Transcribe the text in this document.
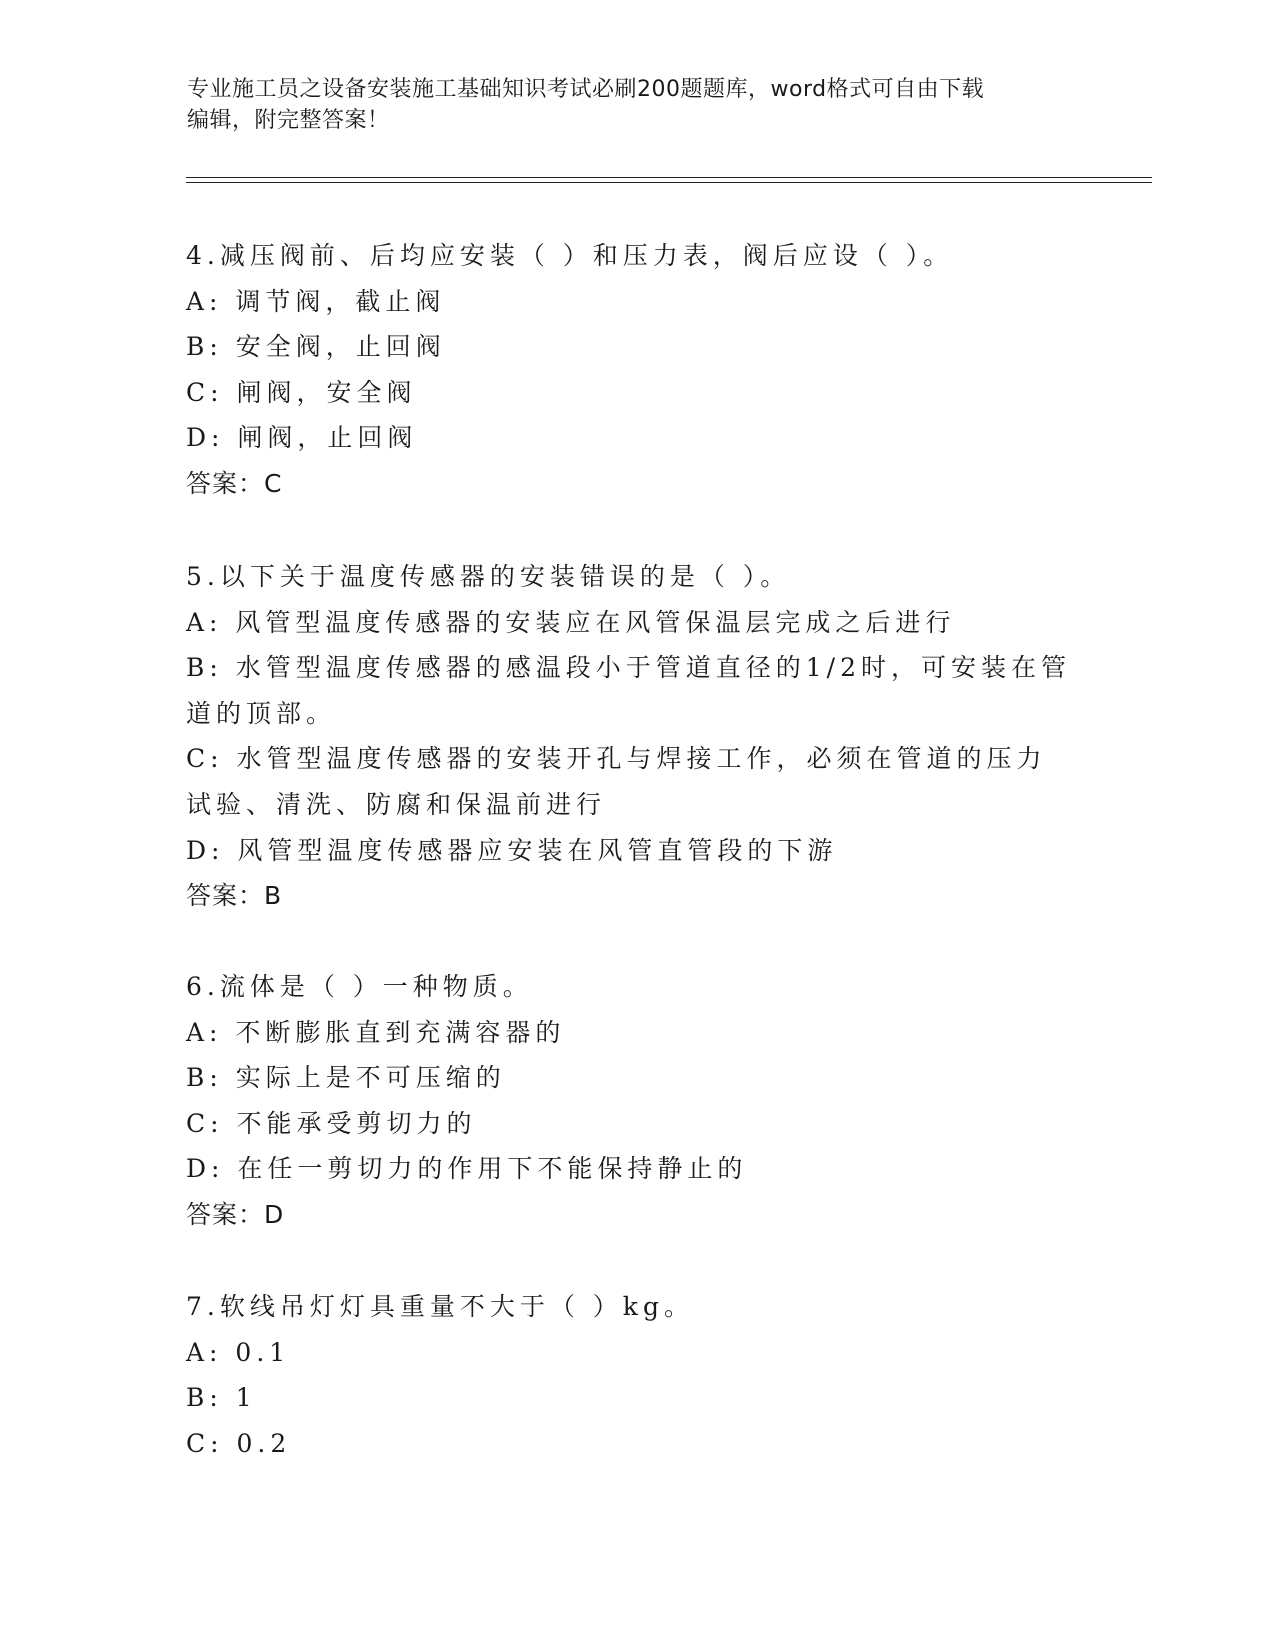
专业施工员之设备安装施工基础知识考试必刷200题题库，word格式可自由下载
编辑，附完整答案！
4.减压阀前、后均应安装（ ）和压力表，阀后应设（ ）。
A: 调节阀，截止阀
B: 安全阀，止回阀
C: 闸阀，安全阀
D: 闸阀，止回阀
答案：C
5.以下关于温度传感器的安装错误的是（ ）。
A: 风管型温度传感器的安装应在风管保温层完成之后进行
B: 水管型温度传感器的感温段小于管道直径的1/2时，可安装在管道的顶部。
C: 水管型温度传感器的安装开孔与焊接工作，必须在管道的压力试验、清洗、防腐和保温前进行
D: 风管型温度传感器应安装在风管直管段的下游
答案：B
6.流体是（ ）一种物质。
A: 不断膨胀直到充满容器的
B: 实际上是不可压缩的
C: 不能承受剪切力的
D: 在任一剪切力的作用下不能保持静止的
答案：D
7.软线吊灯灯具重量不大于（ ）kg。
A: 0.1
B: 1
C: 0.2
